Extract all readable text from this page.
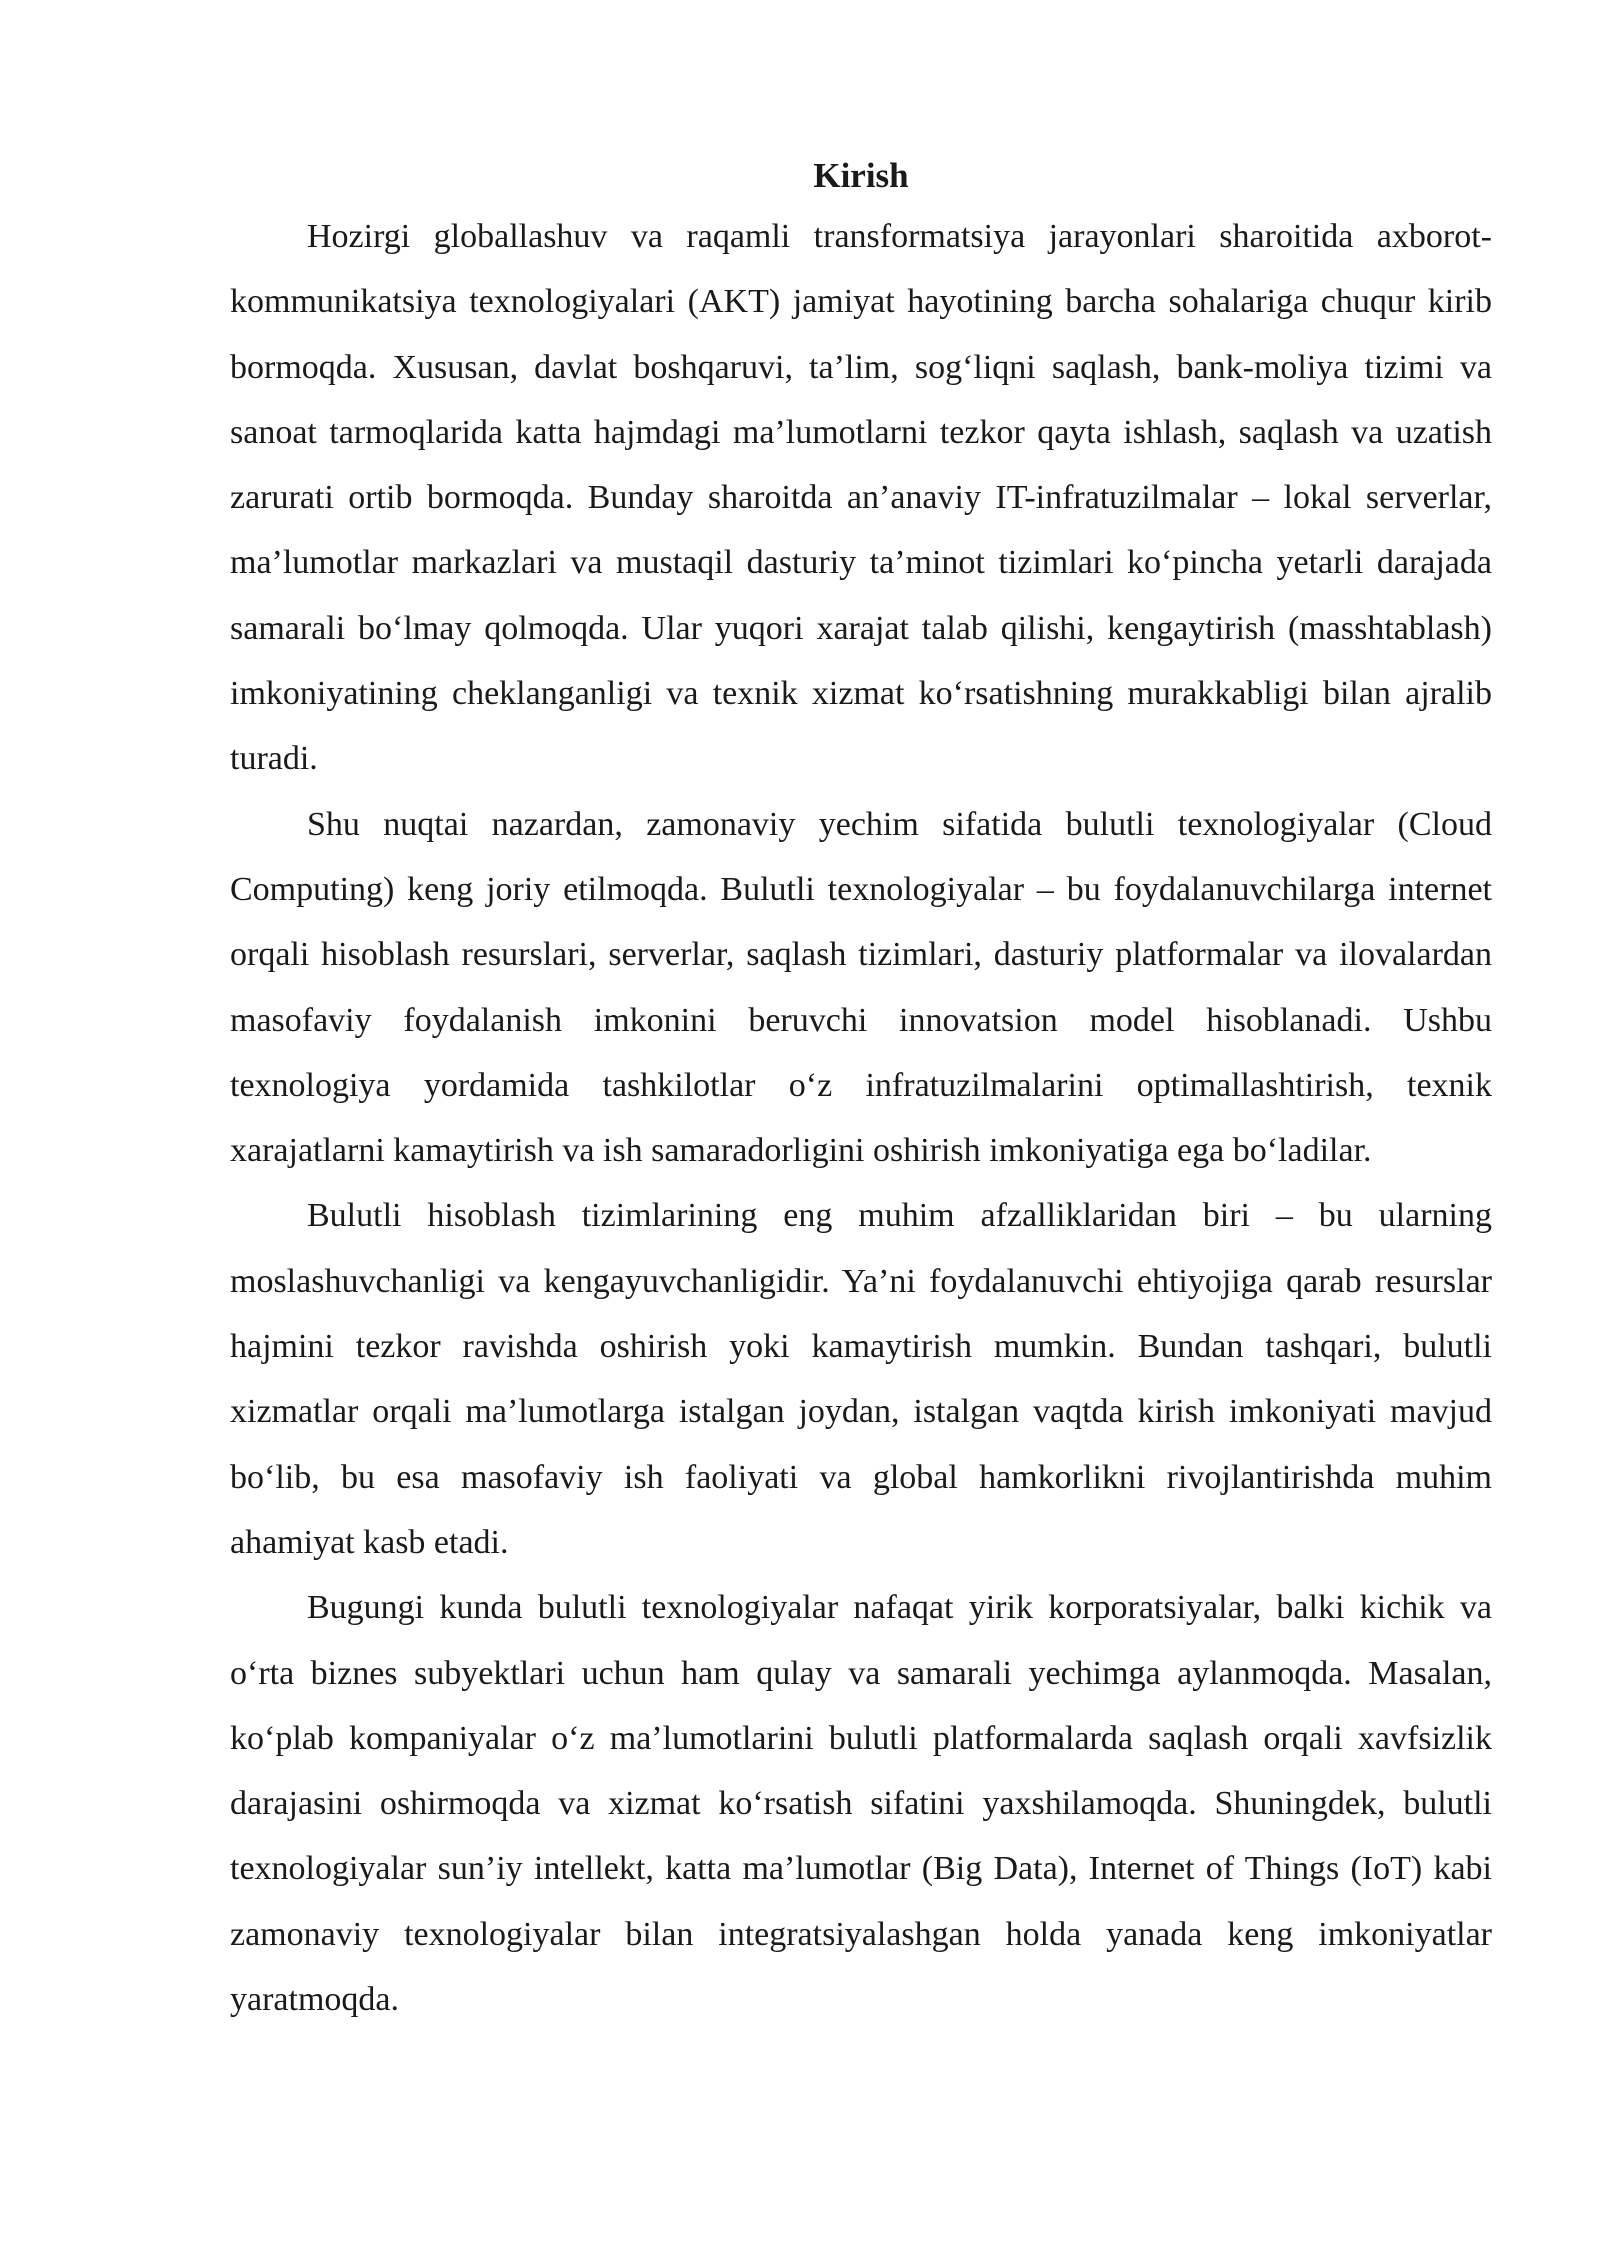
Kirish

Hozirgi globallashuv va raqamli transformatsiya jarayonlari sharoitida axborot-kommunikatsiya texnologiyalari (AKT) jamiyat hayotining barcha sohalariga chuqur kirib bormoqda. Xususan, davlat boshqaruvi, ta’lim, sog‘liqni saqlash, bank-moliya tizimi va sanoat tarmoqlarida katta hajmdagi ma’lumotlarni tezkor qayta ishlash, saqlash va uzatish zarurati ortib bormoqda. Bunday sharoitda an’anaviy IT-infratuzilmalar – lokal serverlar, ma’lumotlar markazlari va mustaqil dasturiy ta’minot tizimlari ko‘pincha yetarli darajada samarali bo‘lmay qolmoqda. Ular yuqori xarajat talab qilishi, kengaytirish (masshtablash) imkoniyatining cheklanganligi va texnik xizmat ko‘rsatishning murakkabligi bilan ajralib turadi.

Shu nuqtai nazardan, zamonaviy yechim sifatida bulutli texnologiyalar (Cloud Computing) keng joriy etilmoqda. Bulutli texnologiyalar – bu foydalanuvchilarga internet orqali hisoblash resurslari, serverlar, saqlash tizimlari, dasturiy platformalar va ilovalardan masofaviy foydalanish imkonini beruvchi innovatsion model hisoblanadi. Ushbu texnologiya yordamida tashkilotlar o‘z infratuzilmalarini optimallashtirish, texnik xarajatlarni kamaytirish va ish samaradorligini oshirish imkoniyatiga ega bo‘ladilar.

Bulutli hisoblash tizimlarining eng muhim afzalliklaridan biri – bu ularning moslashuvchanligi va kengayuvchanligidir. Ya’ni foydalanuvchi ehtiyojiga qarab resurslar hajmini tezkor ravishda oshirish yoki kamaytirish mumkin. Bundan tashqari, bulutli xizmatlar orqali ma’lumotlarga istalgan joydan, istalgan vaqtda kirish imkoniyati mavjud bo‘lib, bu esa masofaviy ish faoliyati va global hamkorlikni rivojlantirishda muhim ahamiyat kasb etadi.

Bugungi kunda bulutli texnologiyalar nafaqat yirik korporatsiyalar, balki kichik va o‘rta biznes subyektlari uchun ham qulay va samarali yechimga aylanmoqda. Masalan, ko‘plab kompaniyalar o‘z ma’lumotlarini bulutli platformalarda saqlash orqali xavfsizlik darajasini oshirmoqda va xizmat ko‘rsatish sifatini yaxshilamoqda. Shuningdek, bulutli texnologiyalar sun’iy intellekt, katta ma’lumotlar (Big Data), Internet of Things (IoT) kabi zamonaviy texnologiyalar bilan integratsiyalashgan holda yanada keng imkoniyatlar yaratmoqda.
